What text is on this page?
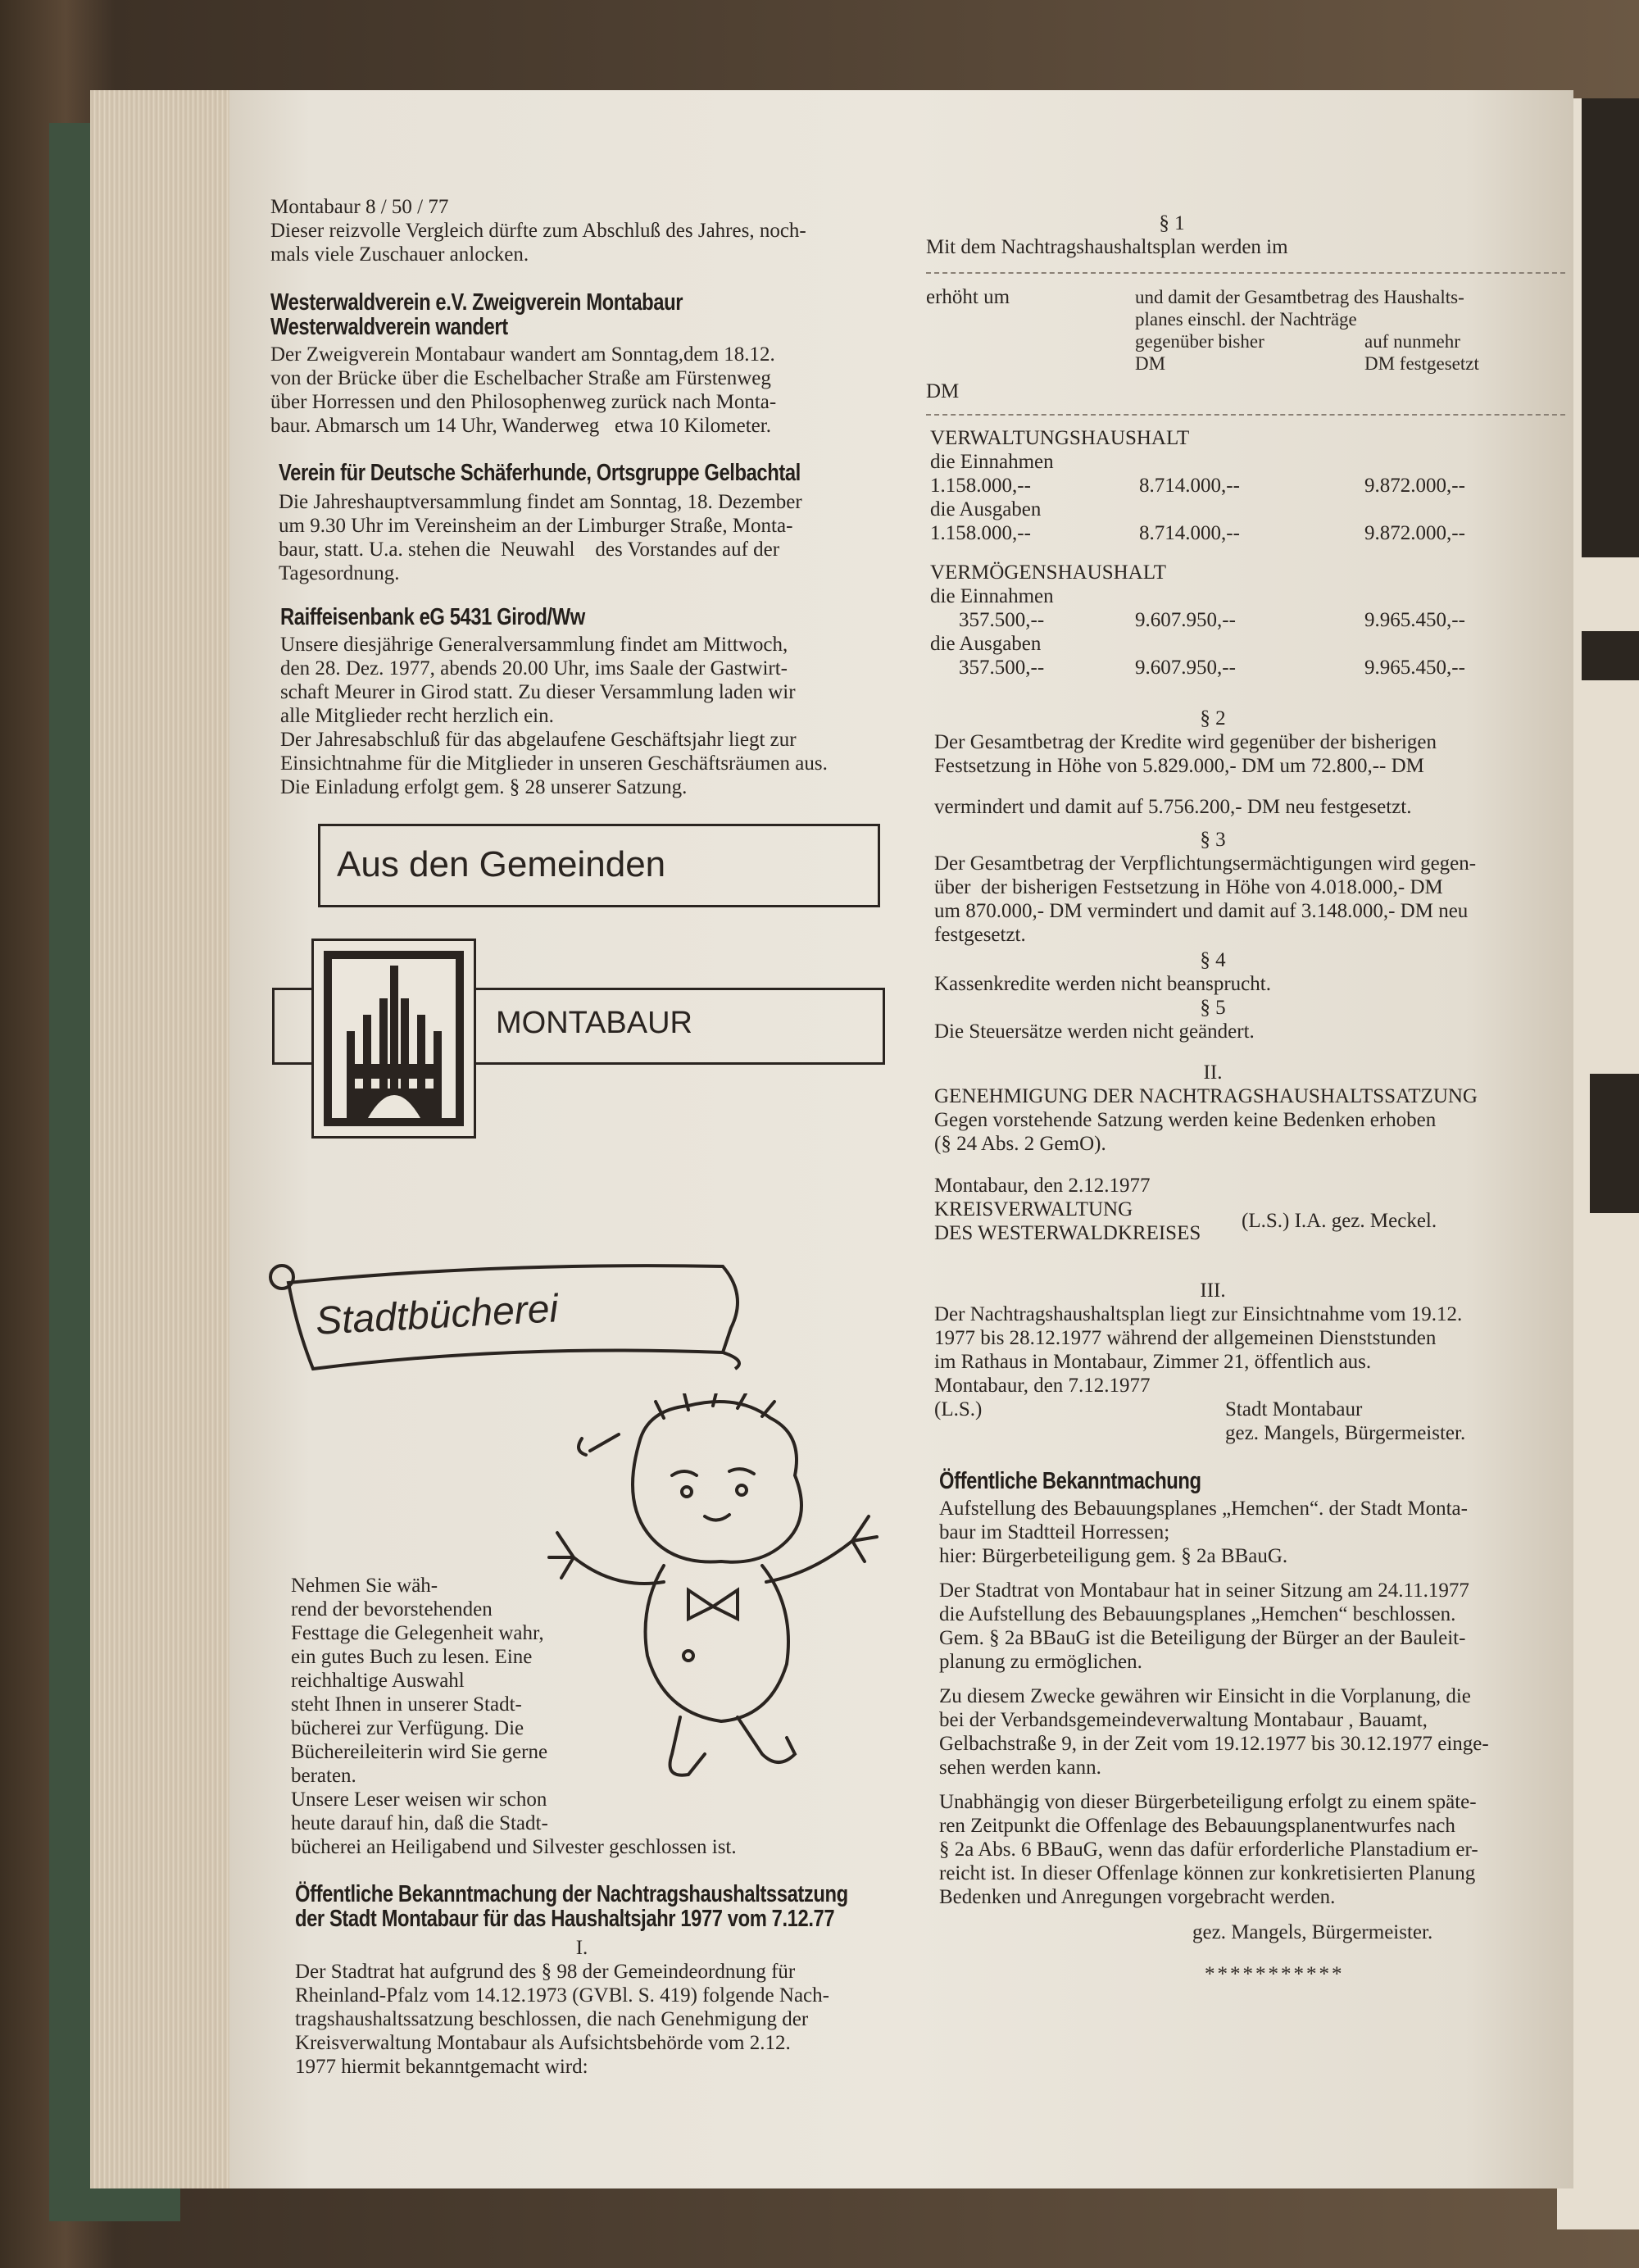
Montabaur 8 / 50 / 77
Dieser reizvolle Vergleich dürfte zum Abschluß des Jahres, noch-
mals viele Zuschauer anlocken.
Westerwaldverein e.V. Zweigverein Montabaur
Westerwaldverein wandert
Der Zweigverein Montabaur wandert am Sonntag,dem 18.12.
von der Brücke über die Eschelbacher Straße am Fürstenweg
über Horressen und den Philosophenweg zurück nach Monta-
baur. Abmarsch um 14 Uhr, Wanderweg   etwa 10 Kilometer.
Verein für Deutsche Schäferhunde, Ortsgruppe Gelbachtal
Die Jahreshauptversammlung findet am Sonntag, 18. Dezember
um 9.30 Uhr im Vereinsheim an der Limburger Straße, Monta-
baur, statt. U.a. stehen die  Neuwahl    des Vorstandes auf der
Tagesordnung.
Raiffeisenbank eG 5431 Girod/Ww
Unsere diesjährige Generalversammlung findet am Mittwoch,
den 28. Dez. 1977, abends 20.00 Uhr, ims Saale der Gastwirt-
schaft Meurer in Girod statt. Zu dieser Versammlung laden wir
alle Mitglieder recht herzlich ein.
Der Jahresabschluß für das abgelaufene Geschäftsjahr liegt zur
Einsichtnahme für die Mitglieder in unseren Geschäftsräumen aus.
Die Einladung erfolgt gem. § 28 unserer Satzung.
Aus den Gemeinden
MONTABAUR
Stadtbücherei
Nehmen Sie wäh-
rend der bevorstehenden
Festtage die Gelegenheit wahr,
ein gutes Buch zu lesen. Eine
reichhaltige Auswahl
steht Ihnen in unserer Stadt-
bücherei zur Verfügung. Die
Büchereileiterin wird Sie gerne
beraten.
Unsere Leser weisen wir schon
heute darauf hin, daß die Stadt-
bücherei an Heiligabend und Silvester geschlossen ist.
Öffentliche Bekanntmachung der Nachtragshaushaltssatzung
der Stadt Montabaur für das Haushaltsjahr 1977 vom 7.12.77
I.
Der Stadtrat hat aufgrund des § 98 der Gemeindeordnung für
Rheinland-Pfalz vom 14.12.1973 (GVBl. S. 419) folgende Nach-
tragshaushaltssatzung beschlossen, die nach Genehmigung der
Kreisverwaltung Montabaur als Aufsichtsbehörde vom 2.12.
1977 hiermit bekanntgemacht wird:
§ 1
Mit dem Nachtragshaushaltsplan werden im
erhöht um	und damit der Gesamtbetrag des Haushalts-
planes einschl. der Nachträge
gegenüber bisher	auf nunmehr
DM	DM festgesetzt
DM
VERWALTUNGSHAUSHALT
die Einnahmen
1.158.000,--	8.714.000,--	9.872.000,--
die Ausgaben
1.158.000,--	8.714.000,--	9.872.000,--
VERMÖGENSHAUSHALT
die Einnahmen
357.500,--	9.607.950,--	9.965.450,--
die Ausgaben
357.500,--	9.607.950,--	9.965.450,--
§ 2
Der Gesamtbetrag der Kredite wird gegenüber der bisherigen
Festsetzung in Höhe von 5.829.000,- DM um 72.800,-- DM
vermindert und damit auf 5.756.200,- DM neu festgesetzt.
§ 3
Der Gesamtbetrag der Verpflichtungsermächtigungen wird gegen-
über  der bisherigen Festsetzung in Höhe von 4.018.000,- DM
um 870.000,- DM vermindert und damit auf 3.148.000,- DM neu
festgesetzt.
§ 4
Kassenkredite werden nicht beansprucht.
§ 5
Die Steuersätze werden nicht geändert.
II.
GENEHMIGUNG DER NACHTRAGSHAUSHALTSSATZUNG
Gegen vorstehende Satzung werden keine Bedenken erhoben
(§ 24 Abs. 2 GemO).
Montabaur, den 2.12.1977
KREISVERWALTUNG
DES WESTERWALDKREISES
(L.S.) I.A. gez. Meckel.
III.
Der Nachtragshaushaltsplan liegt zur Einsichtnahme vom 19.12.
1977 bis 28.12.1977 während der allgemeinen Dienststunden
im Rathaus in Montabaur, Zimmer 21, öffentlich aus.
Montabaur, den 7.12.1977
(L.S.)	Stadt Montabaur
gez. Mangels, Bürgermeister.
Öffentliche Bekanntmachung
Aufstellung des Bebauungsplanes „Hemchen“. der Stadt Monta-
baur im Stadtteil Horressen;
hier: Bürgerbeteiligung gem. § 2a BBauG.
Der Stadtrat von Montabaur hat in seiner Sitzung am 24.11.1977
die Aufstellung des Bebauungsplanes „Hemchen“ beschlossen.
Gem. § 2a BBauG ist die Beteiligung der Bürger an der Bauleit-
planung zu ermöglichen.
Zu diesem Zwecke gewähren wir Einsicht in die Vorplanung, die
bei der Verbandsgemeindeverwaltung Montabaur , Bauamt,
Gelbachstraße 9, in der Zeit vom 19.12.1977 bis 30.12.1977 einge-
sehen werden kann.
Unabhängig von dieser Bürgerbeteiligung erfolgt zu einem späte-
ren Zeitpunkt die Offenlage des Bebauungsplanentwurfes nach
§ 2a Abs. 6 BBauG, wenn das dafür erforderliche Planstadium er-
reicht ist. In dieser Offenlage können zur konkretisierten Planung
Bedenken und Anregungen vorgebracht werden.
gez. Mangels, Bürgermeister.
***********
